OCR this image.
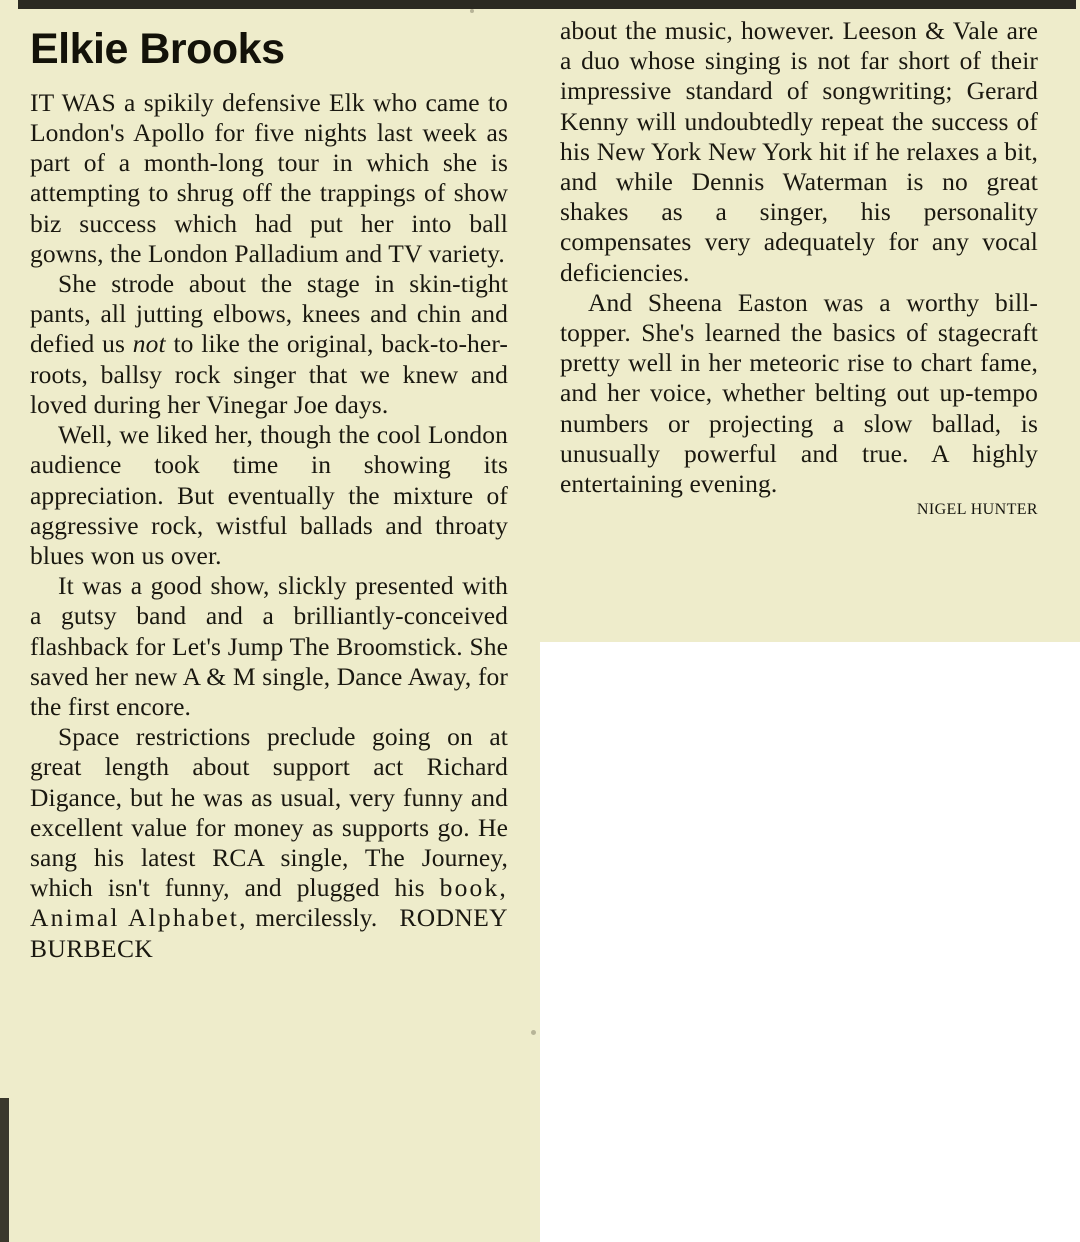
Elkie Brooks

IT WAS a spikily defensive Elk who came to London's Apollo for five nights last week as part of a month-long tour in which she is attempting to shrug off the trappings of show biz success which had put her into ball gowns, the London Palladium and TV variety.

She strode about the stage in skin-tight pants, all jutting elbows, knees and chin and defied us not to like the original, back-to-her-roots, ballsy rock singer that we knew and loved during her Vinegar Joe days.

Well, we liked her, though the cool London audience took time in showing its appreciation. But eventually the mixture of aggressive rock, wistful ballads and throaty blues won us over.

It was a good show, slickly presented with a gutsy band and a brilliantly-conceived flashback for Let's Jump The Broomstick. She saved her new A & M single, Dance Away, for the first encore.

Space restrictions preclude going on at great length about support act Richard Digance, but he was as usual, very funny and excellent value for money as supports go. He sang his latest RCA single, The Journey, which isn't funny, and plugged his book, Animal Alphabet, mercilessly. RODNEY BURBECK

about the music, however. Leeson & Vale are a duo whose singing is not far short of their impressive standard of songwriting; Gerard Kenny will undoubtedly repeat the success of his New York New York hit if he relaxes a bit, and while Dennis Waterman is no great shakes as a singer, his personality compensates very adequately for any vocal deficiencies.

And Sheena Easton was a worthy bill-topper. She's learned the basics of stagecraft pretty well in her meteoric rise to chart fame, and her voice, whether belting out up-tempo numbers or projecting a slow ballad, is unusually powerful and true. A highly entertaining evening.

NIGEL HUNTER
